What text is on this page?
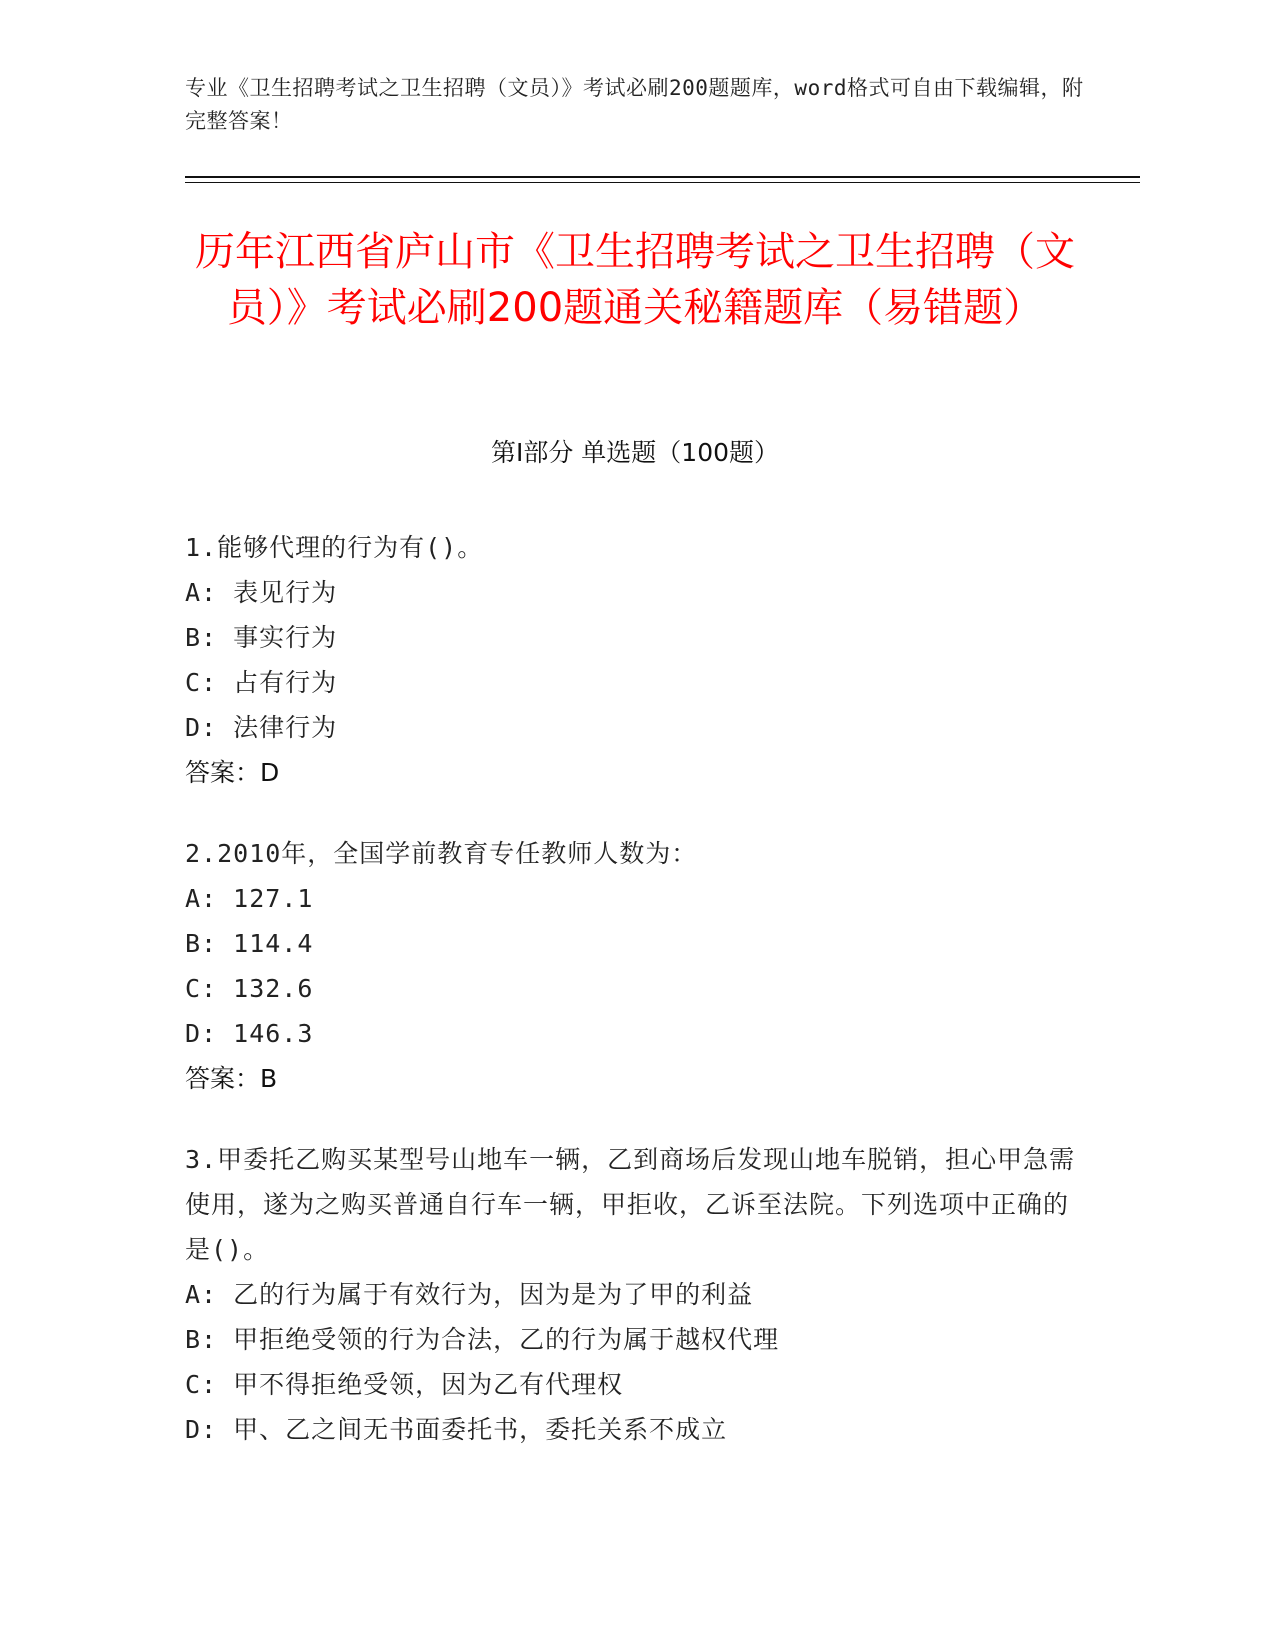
专业《卫生招聘考试之卫生招聘（文员）》考试必刷200题题库，word格式可自由下载编辑，附完整答案！
历年江西省庐山市《卫生招聘考试之卫生招聘（文员）》考试必刷200题通关秘籍题库（易错题）
第I部分 单选题（100题）

1.能够代理的行为有()。

A: 表见行为

B: 事实行为

C: 占有行为

D: 法律行为

答案：D

2.2010年，全国学前教育专任教师人数为：

A: 127.1

B: 114.4

C: 132.6

D: 146.3

答案：B

3.甲委托乙购买某型号山地车一辆，乙到商场后发现山地车脱销，担心甲急需使用，遂为之购买普通自行车一辆，甲拒收，乙诉至法院。下列选项中正确的是()。

A: 乙的行为属于有效行为，因为是为了甲的利益

B: 甲拒绝受领的行为合法，乙的行为属于越权代理

C: 甲不得拒绝受领，因为乙有代理权

D: 甲、乙之间无书面委托书，委托关系不成立
